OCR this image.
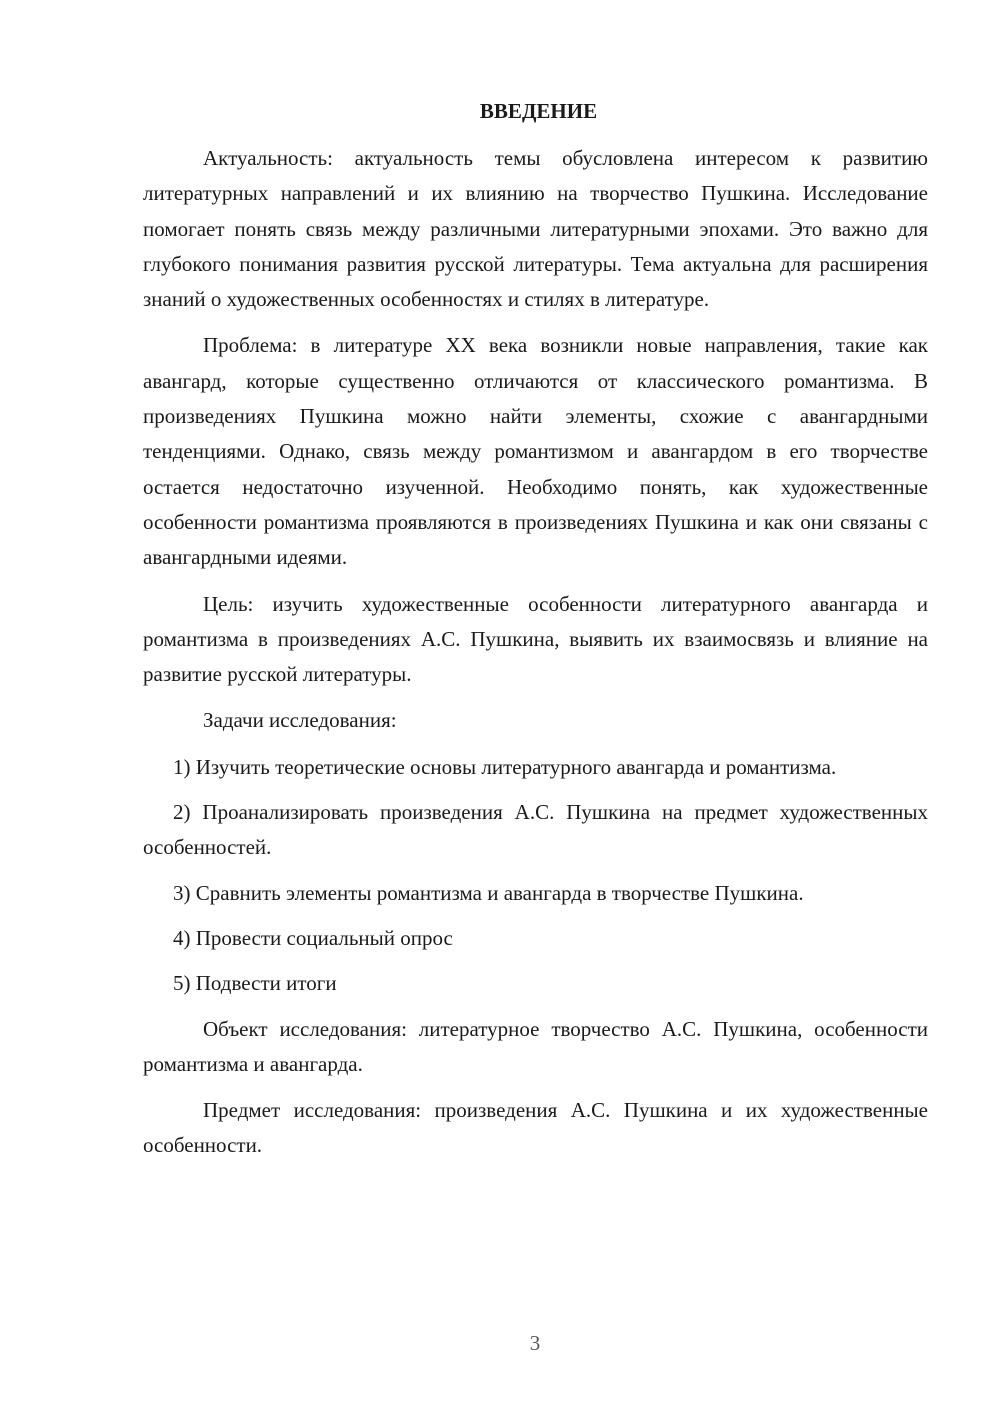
ВВЕДЕНИЕ

Актуальность: актуальность темы обусловлена интересом к развитию литературных направлений и их влиянию на творчество Пушкина. Исследование помогает понять связь между различными литературными эпохами. Это важно для глубокого понимания развития русской литературы. Тема актуальна для расширения знаний о художественных особенностях и стилях в литературе.

Проблема: в литературе XX века возникли новые направления, такие как авангард, которые существенно отличаются от классического романтизма. В произведениях Пушкина можно найти элементы, схожие с авангардными тенденциями. Однако, связь между романтизмом и авангардом в его творчестве остается недостаточно изученной. Необходимо понять, как художественные особенности романтизма проявляются в произведениях Пушкина и как они связаны с авангардными идеями.

Цель: изучить художественные особенности литературного авангарда и романтизма в произведениях А.С. Пушкина, выявить их взаимосвязь и влияние на развитие русской литературы.

Задачи исследования:

1) Изучить теоретические основы литературного авангарда и романтизма.

2) Проанализировать произведения А.С. Пушкина на предмет художественных особенностей.

3) Сравнить элементы романтизма и авангарда в творчестве Пушкина.

4) Провести социальный опрос

5) Подвести итоги

Объект исследования: литературное творчество А.С. Пушкина, особенности романтизма и авангарда.

Предмет исследования: произведения А.С. Пушкина и их художественные особенности.

3
